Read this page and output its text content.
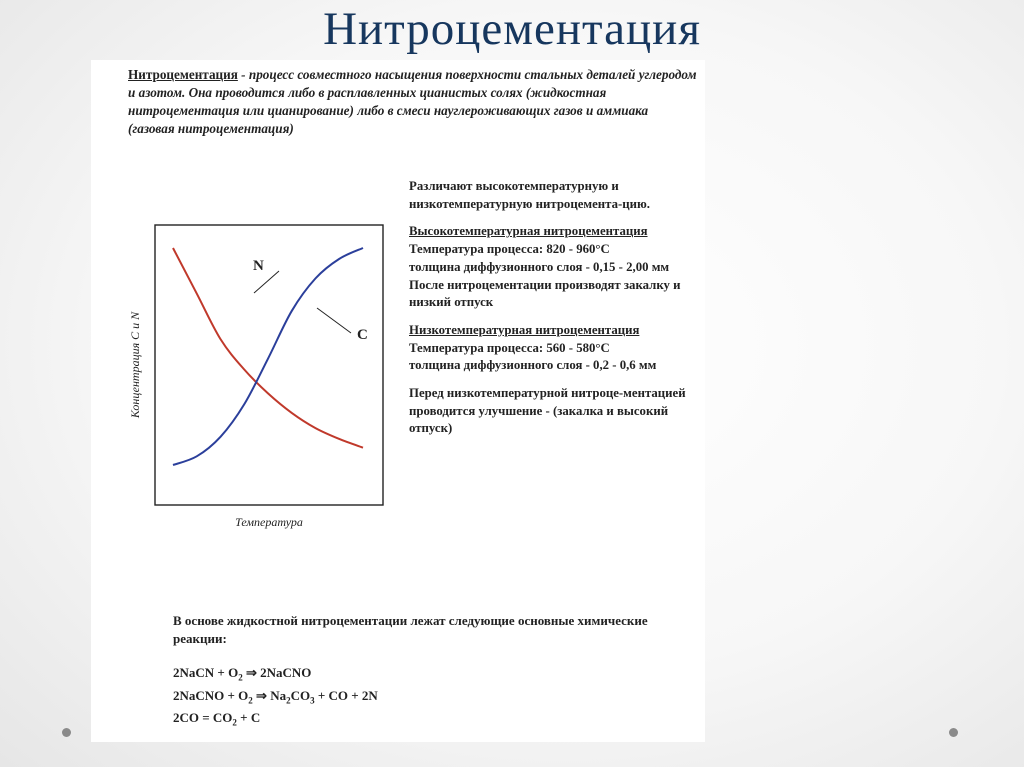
Нитроцементация
Нитроцементация - процесс совместного насыщения поверхности стальных деталей углеродом и азотом. Она проводится либо в расплавленных цианистых солях (жидкостная нитроцементация или цианирование) либо в смеси науглероживающих газов и аммиака (газовая нитроцементация)
N
C
Температура
Концентрация С и N

Различают высокотемпературную и низкотемпературную нитроцемента-цию.

Высокотемпературная нитроцементация

Температура процесса: 820 - 960°С

толщина диффузионного слоя - 0,15 - 2,00 мм

После нитроцементации производят закалку и низкий отпуск

Низкотемпературная нитроцементация

Температура процесса: 560 - 580°С

толщина диффузионного слоя - 0,2 - 0,6 мм

Перед низкотемпературной нитроце-ментацией проводится улучшение - (закалка и высокий отпуск)

В основе жидкостной нитроцементации лежат следующие основные химические реакции:

2NaCN + $O_2$ ⇒ 2NaCNO

2NaCNO + $O_2$ ⇒ $Na_2CO_3$ + CO + 2N

$2CO = CO_2 + C$
